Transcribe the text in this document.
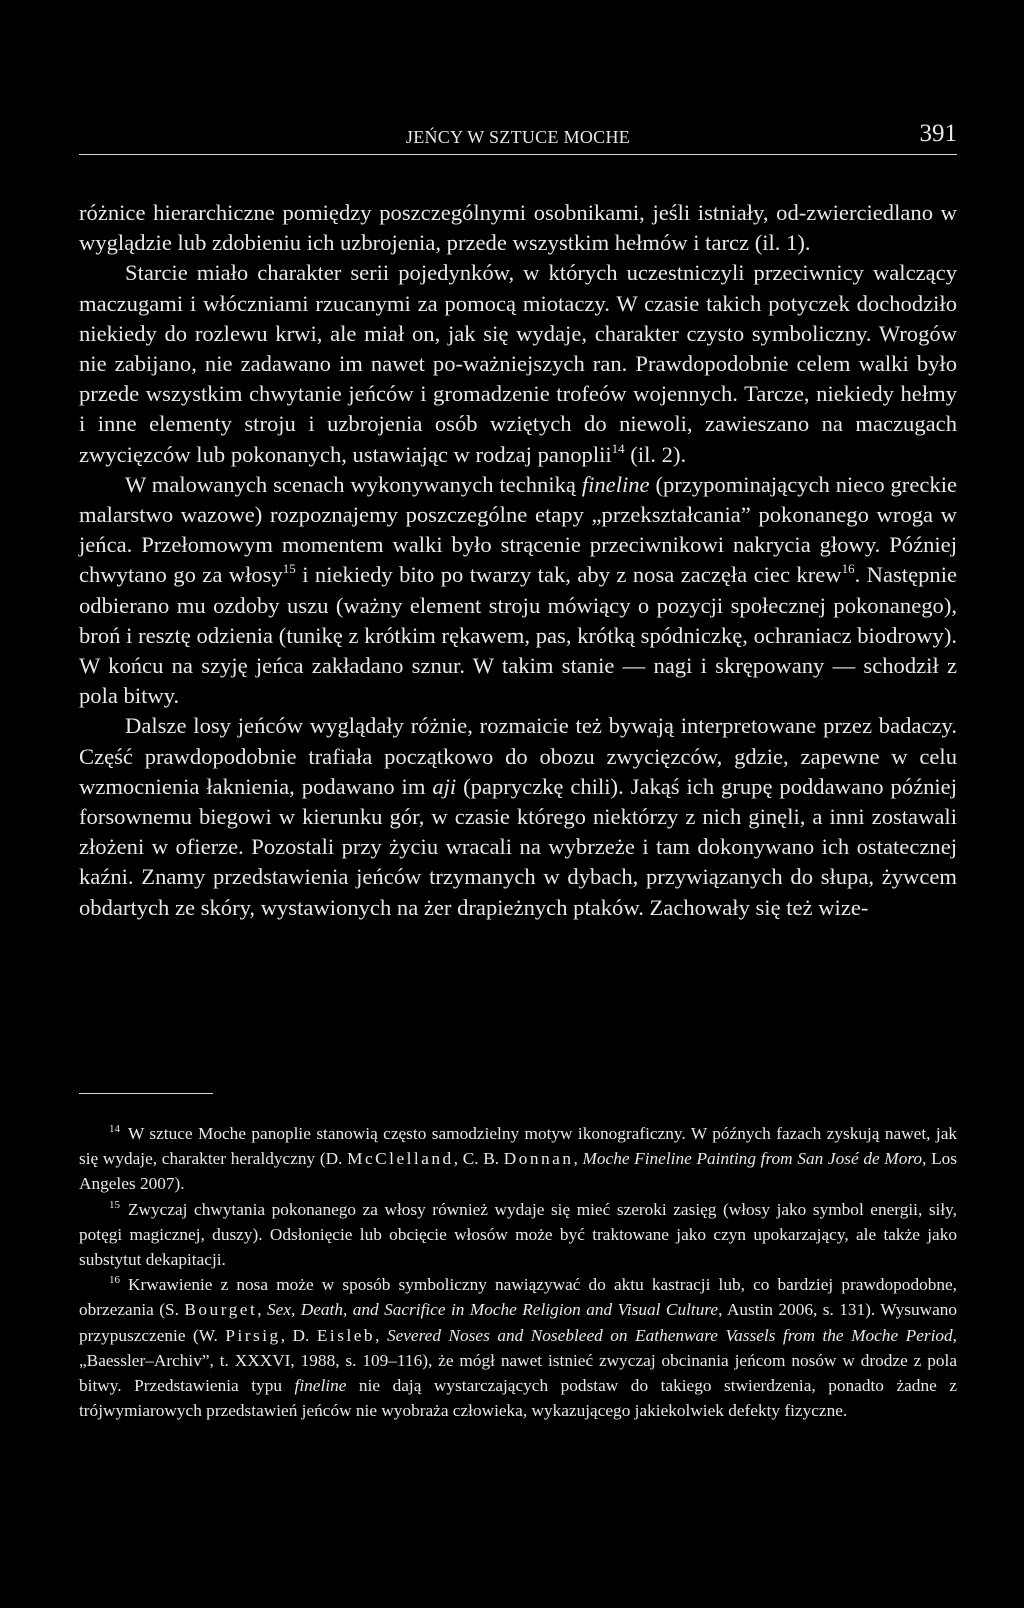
JEŃCY W SZTUCE MOCHE	391

różnice hierarchiczne pomiędzy poszczególnymi osobnikami, jeśli istniały, od-zwierciedlano w wyglądzie lub zdobieniu ich uzbrojenia, przede wszystkim hełmów i tarcz (il. 1).

Starcie miało charakter serii pojedynków, w których uczestniczyli przeciwnicy walczący maczugami i włóczniami rzucanymi za pomocą miotaczy. W czasie takich potyczek dochodziło niekiedy do rozlewu krwi, ale miał on, jak się wydaje, charakter czysto symboliczny. Wrogów nie zabijano, nie zadawano im nawet po-ważniejszych ran. Prawdopodobnie celem walki było przede wszystkim chwytanie jeńców i gromadzenie trofeów wojennych. Tarcze, niekiedy hełmy i inne elementy stroju i uzbrojenia osób wziętych do niewoli, zawieszano na maczugach zwycięzców lub pokonanych, ustawiając w rodzaj panoplii$^{14}$ (il. 2).

W malowanych scenach wykonywanych techniką fineline (przypominających nieco greckie malarstwo wazowe) rozpoznajemy poszczególne etapy „przekształcania” pokonanego wroga w jeńca. Przełomowym momentem walki było strącenie przeciwnikowi nakrycia głowy. Później chwytano go za włosy$^{15}$ i niekiedy bito po twarzy tak, aby z nosa zaczęła ciec krew$^{16}$. Następnie odbierano mu ozdoby uszu (ważny element stroju mówiący o pozycji społecznej pokonanego), broń i resztę odzienia (tunikę z krótkim rękawem, pas, krótką spódniczkę, ochraniacz biodrowy). W końcu na szyję jeńca zakładano sznur. W takim stanie — nagi i skrępowany — schodził z pola bitwy.

Dalsze losy jeńców wyglądały różnie, rozmaicie też bywają interpretowane przez badaczy. Część prawdopodobnie trafiała początkowo do obozu zwycięzców, gdzie, zapewne w celu wzmocnienia łaknienia, podawano im aji (papryczkę chili). Jakąś ich grupę poddawano później forsownemu biegowi w kierunku gór, w czasie którego niektórzy z nich ginęli, a inni zostawali złożeni w ofierze. Pozostali przy życiu wracali na wybrzeże i tam dokonywano ich ostatecznej kaźni. Znamy przedstawienia jeńców trzymanych w dybach, przywiązanych do słupa, żywcem obdartych ze skóry, wystawionych na żer drapieżnych ptaków. Zachowały się też wize-

$^{14}$ W sztuce Moche panoplie stanowią często samodzielny motyw ikonograficzny. W późnych fazach zyskują nawet, jak się wydaje, charakter heraldyczny (D. McClelland, C. B. Donnan, Moche Fineline Painting from San José de Moro, Los Angeles 2007).

$^{15}$ Zwyczaj chwytania pokonanego za włosy również wydaje się mieć szeroki zasięg (włosy jako symbol energii, siły, potęgi magicznej, duszy). Odsłonięcie lub obcięcie włosów może być traktowane jako czyn upokarzający, ale także jako substytut dekapitacji.

$^{16}$ Krwawienie z nosa może w sposób symboliczny nawiązywać do aktu kastracji lub, co bardziej prawdopodobne, obrzezania (S. Bourget, Sex, Death, and Sacrifice in Moche Religion and Visual Culture, Austin 2006, s. 131). Wysuwano przypuszczenie (W. Pirsig, D. Eisleb, Severed Noses and Nosebleed on Eathenware Vassels from the Moche Period, „Baessler–Archiv”, t. XXXVI, 1988, s. 109–116), że mógł nawet istnieć zwyczaj obcinania jeńcom nosów w drodze z pola bitwy. Przedstawienia typu fineline nie dają wystarczających podstaw do takiego stwierdzenia, ponadto żadne z trójwymiarowych przedstawień jeńców nie wyobraża człowieka, wykazującego jakiekolwiek defekty fizyczne.
